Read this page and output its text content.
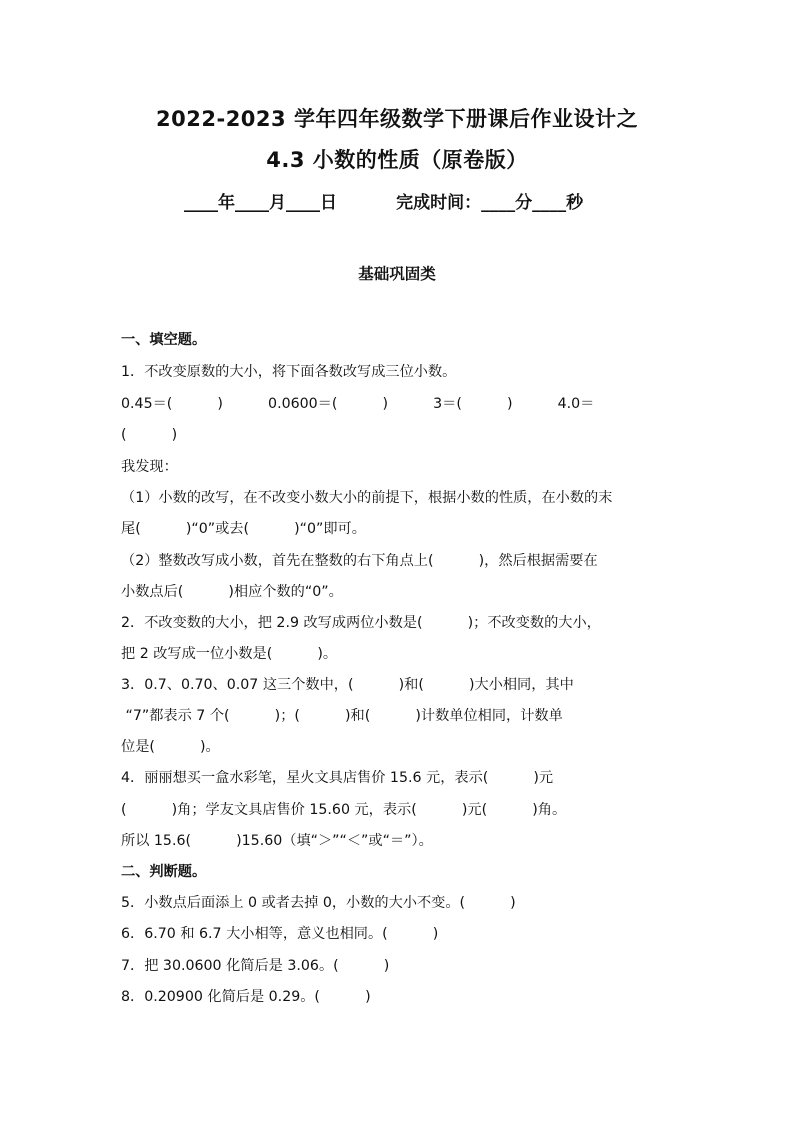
2022-2023 学年四年级数学下册课后作业设计之
4.3 小数的性质（原卷版）
____年____月____日          完成时间：____分____秒
基础巩固类
一、填空题。
1．不改变原数的大小，将下面各数改写成三位小数。
0.45＝(          )          0.0600＝(          )          3＝(          )          4.0＝
(          )
我发现：
（1）小数的改写，在不改变小数大小的前提下，根据小数的性质，在小数的末
尾(          )“0”或去(          )“0”即可。
（2）整数改写成小数，首先在整数的右下角点上(          )，然后根据需要在
小数点后(          )相应个数的“0”。
2．不改变数的大小，把 2.9 改写成两位小数是(          )；不改变数的大小，
把 2 改写成一位小数是(          )。
3．0.7、0.70、0.07 这三个数中，(          )和(          )大小相同，其中
“7”都表示 7 个(          )；(          )和(          )计数单位相同，计数单
位是(          )。
4．丽丽想买一盒水彩笔，星火文具店售价 15.6 元，表示(          )元
(          )角；学友文具店售价 15.60 元，表示(          )元(          )角。
所以 15.6(          )15.60（填“＞”“＜”或“＝”）。
二、判断题。
5．小数点后面添上 0 或者去掉 0，小数的大小不变。(          )
6．6.70 和 6.7 大小相等，意义也相同。(          )
7．把 30.0600 化简后是 3.06。(          )
8．0.20900 化简后是 0.29。(          )
